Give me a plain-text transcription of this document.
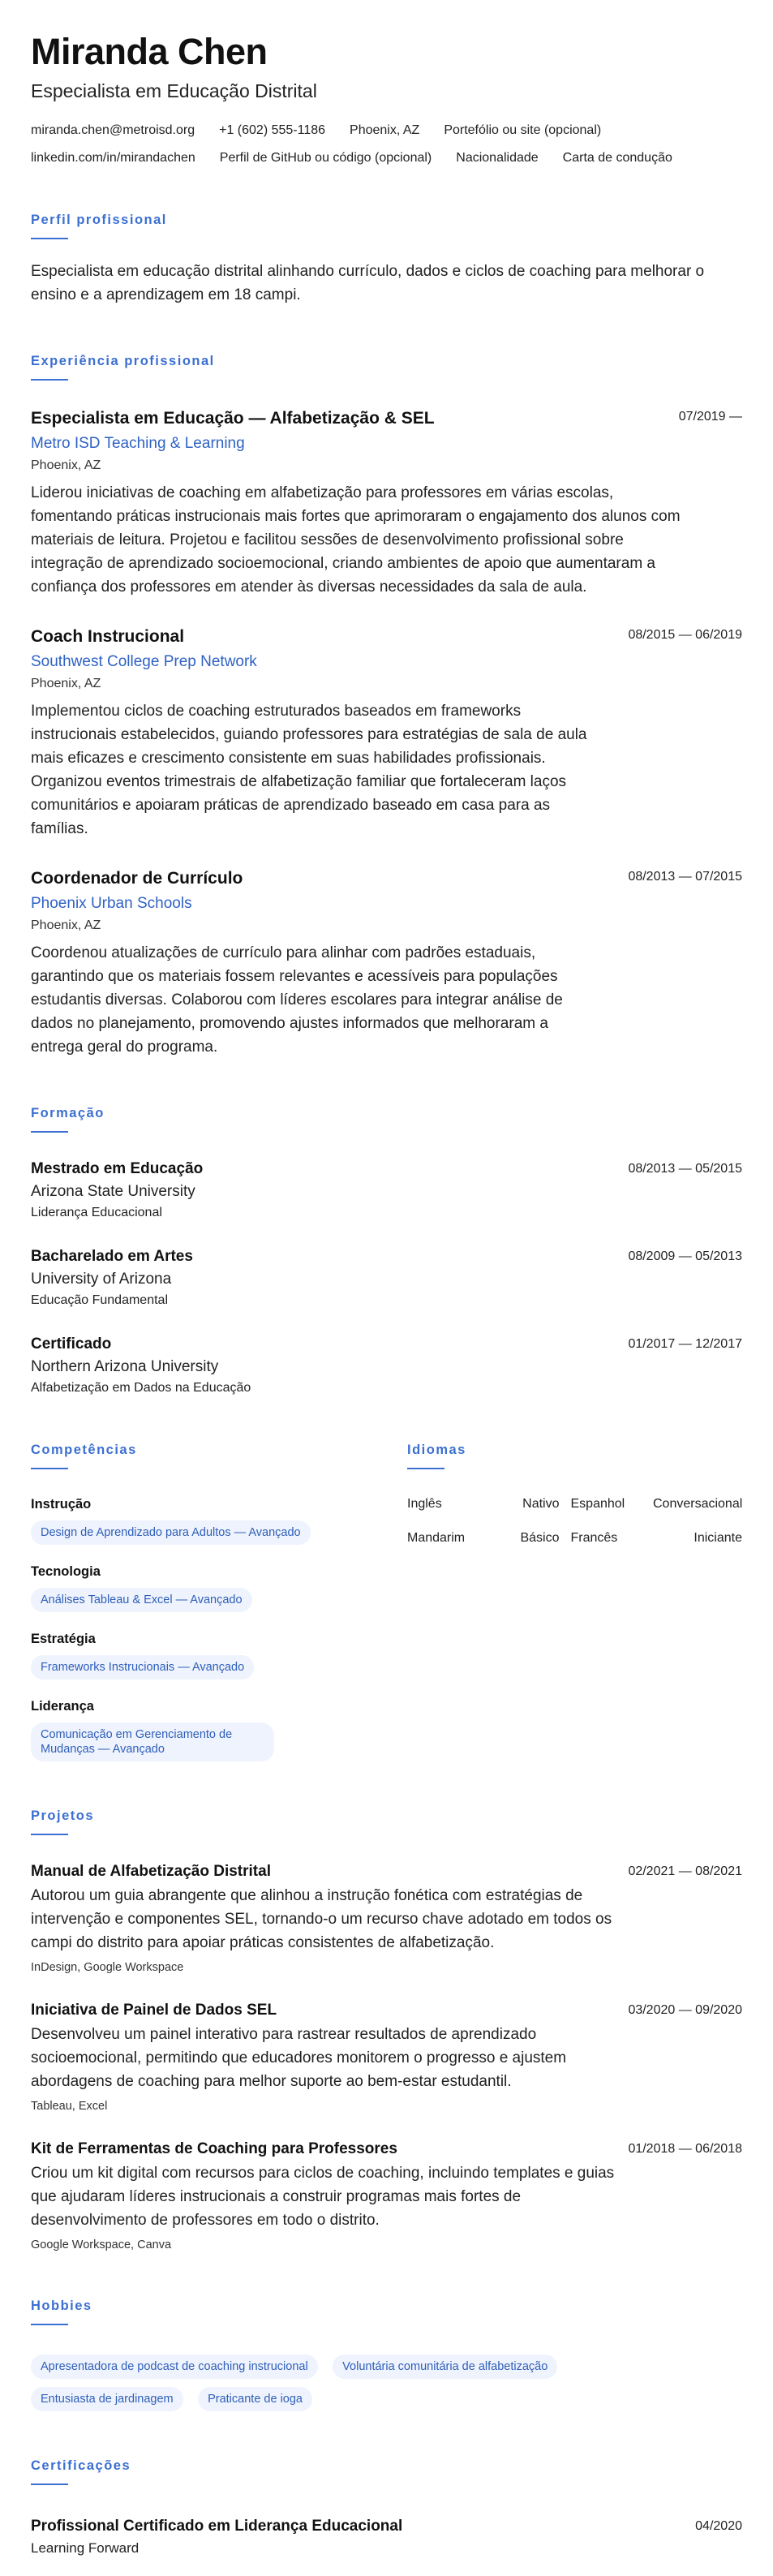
Miranda Chen
Especialista em Educação Distrital
miranda.chen@metroisd.org +1 (602) 555-1186 Phoenix, AZ Portefólio ou site (opcional)
linkedin.com/in/mirandachen Perfil de GitHub ou código (opcional) Nacionalidade Carta de condução
Perfil profissional
Especialista em educação distrital alinhando currículo, dados e ciclos de coaching para melhorar o ensino e a aprendizagem em 18 campi.
Experiência profissional
Especialista em Educação — Alfabetização & SEL	07/2019 —
Metro ISD Teaching & Learning
Phoenix, AZ
Liderou iniciativas de coaching em alfabetização para professores em várias escolas, fomentando práticas instrucionais mais fortes que aprimoraram o engajamento dos alunos com materiais de leitura. Projetou e facilitou sessões de desenvolvimento profissional sobre integração de aprendizado socioemocional, criando ambientes de apoio que aumentaram a confiança dos professores em atender às diversas necessidades da sala de aula.
Coach Instrucional	08/2015 — 06/2019
Southwest College Prep Network
Phoenix, AZ
Implementou ciclos de coaching estruturados baseados em frameworks instrucionais estabelecidos, guiando professores para estratégias de sala de aula mais eficazes e crescimento consistente em suas habilidades profissionais. Organizou eventos trimestrais de alfabetização familiar que fortaleceram laços comunitários e apoiaram práticas de aprendizado baseado em casa para as famílias.
Coordenador de Currículo	08/2013 — 07/2015
Phoenix Urban Schools
Phoenix, AZ
Coordenou atualizações de currículo para alinhar com padrões estaduais, garantindo que os materiais fossem relevantes e acessíveis para populações estudantis diversas. Colaborou com líderes escolares para integrar análise de dados no planejamento, promovendo ajustes informados que melhoraram a entrega geral do programa.
Formação
Mestrado em Educação	08/2013 — 05/2015
Arizona State University
Liderança Educacional
Bacharelado em Artes	08/2009 — 05/2013
University of Arizona
Educação Fundamental
Certificado	01/2017 — 12/2017
Northern Arizona University
Alfabetização em Dados na Educação
Competências
Instrução
Design de Aprendizado para Adultos — Avançado
Tecnologia
Análises Tableau & Excel — Avançado
Estratégia
Frameworks Instrucionais — Avançado
Liderança
Comunicação em Gerenciamento de Mudanças — Avançado
Idiomas
Inglês	Nativo Espanhol	Conversacional
Mandarim	Básico Francês	Iniciante
Projetos
Manual de Alfabetização Distrital	02/2021 — 08/2021
Autorou um guia abrangente que alinhou a instrução fonética com estratégias de intervenção e componentes SEL, tornando-o um recurso chave adotado em todos os campi do distrito para apoiar práticas consistentes de alfabetização.
InDesign, Google Workspace
Iniciativa de Painel de Dados SEL	03/2020 — 09/2020
Desenvolveu um painel interativo para rastrear resultados de aprendizado socioemocional, permitindo que educadores monitorem o progresso e ajustem abordagens de coaching para melhor suporte ao bem-estar estudantil.
Tableau, Excel
Kit de Ferramentas de Coaching para Professores	01/2018 — 06/2018
Criou um kit digital com recursos para ciclos de coaching, incluindo templates e guias que ajudaram líderes instrucionais a construir programas mais fortes de desenvolvimento de professores em todo o distrito.
Google Workspace, Canva
Hobbies
Apresentadora de podcast de coaching instrucional	Voluntária comunitária de alfabetização Entusiasta de jardinagem	Praticante de ioga
Certificações
Profissional Certificado em Liderança Educacional	04/2020
Learning Forward
